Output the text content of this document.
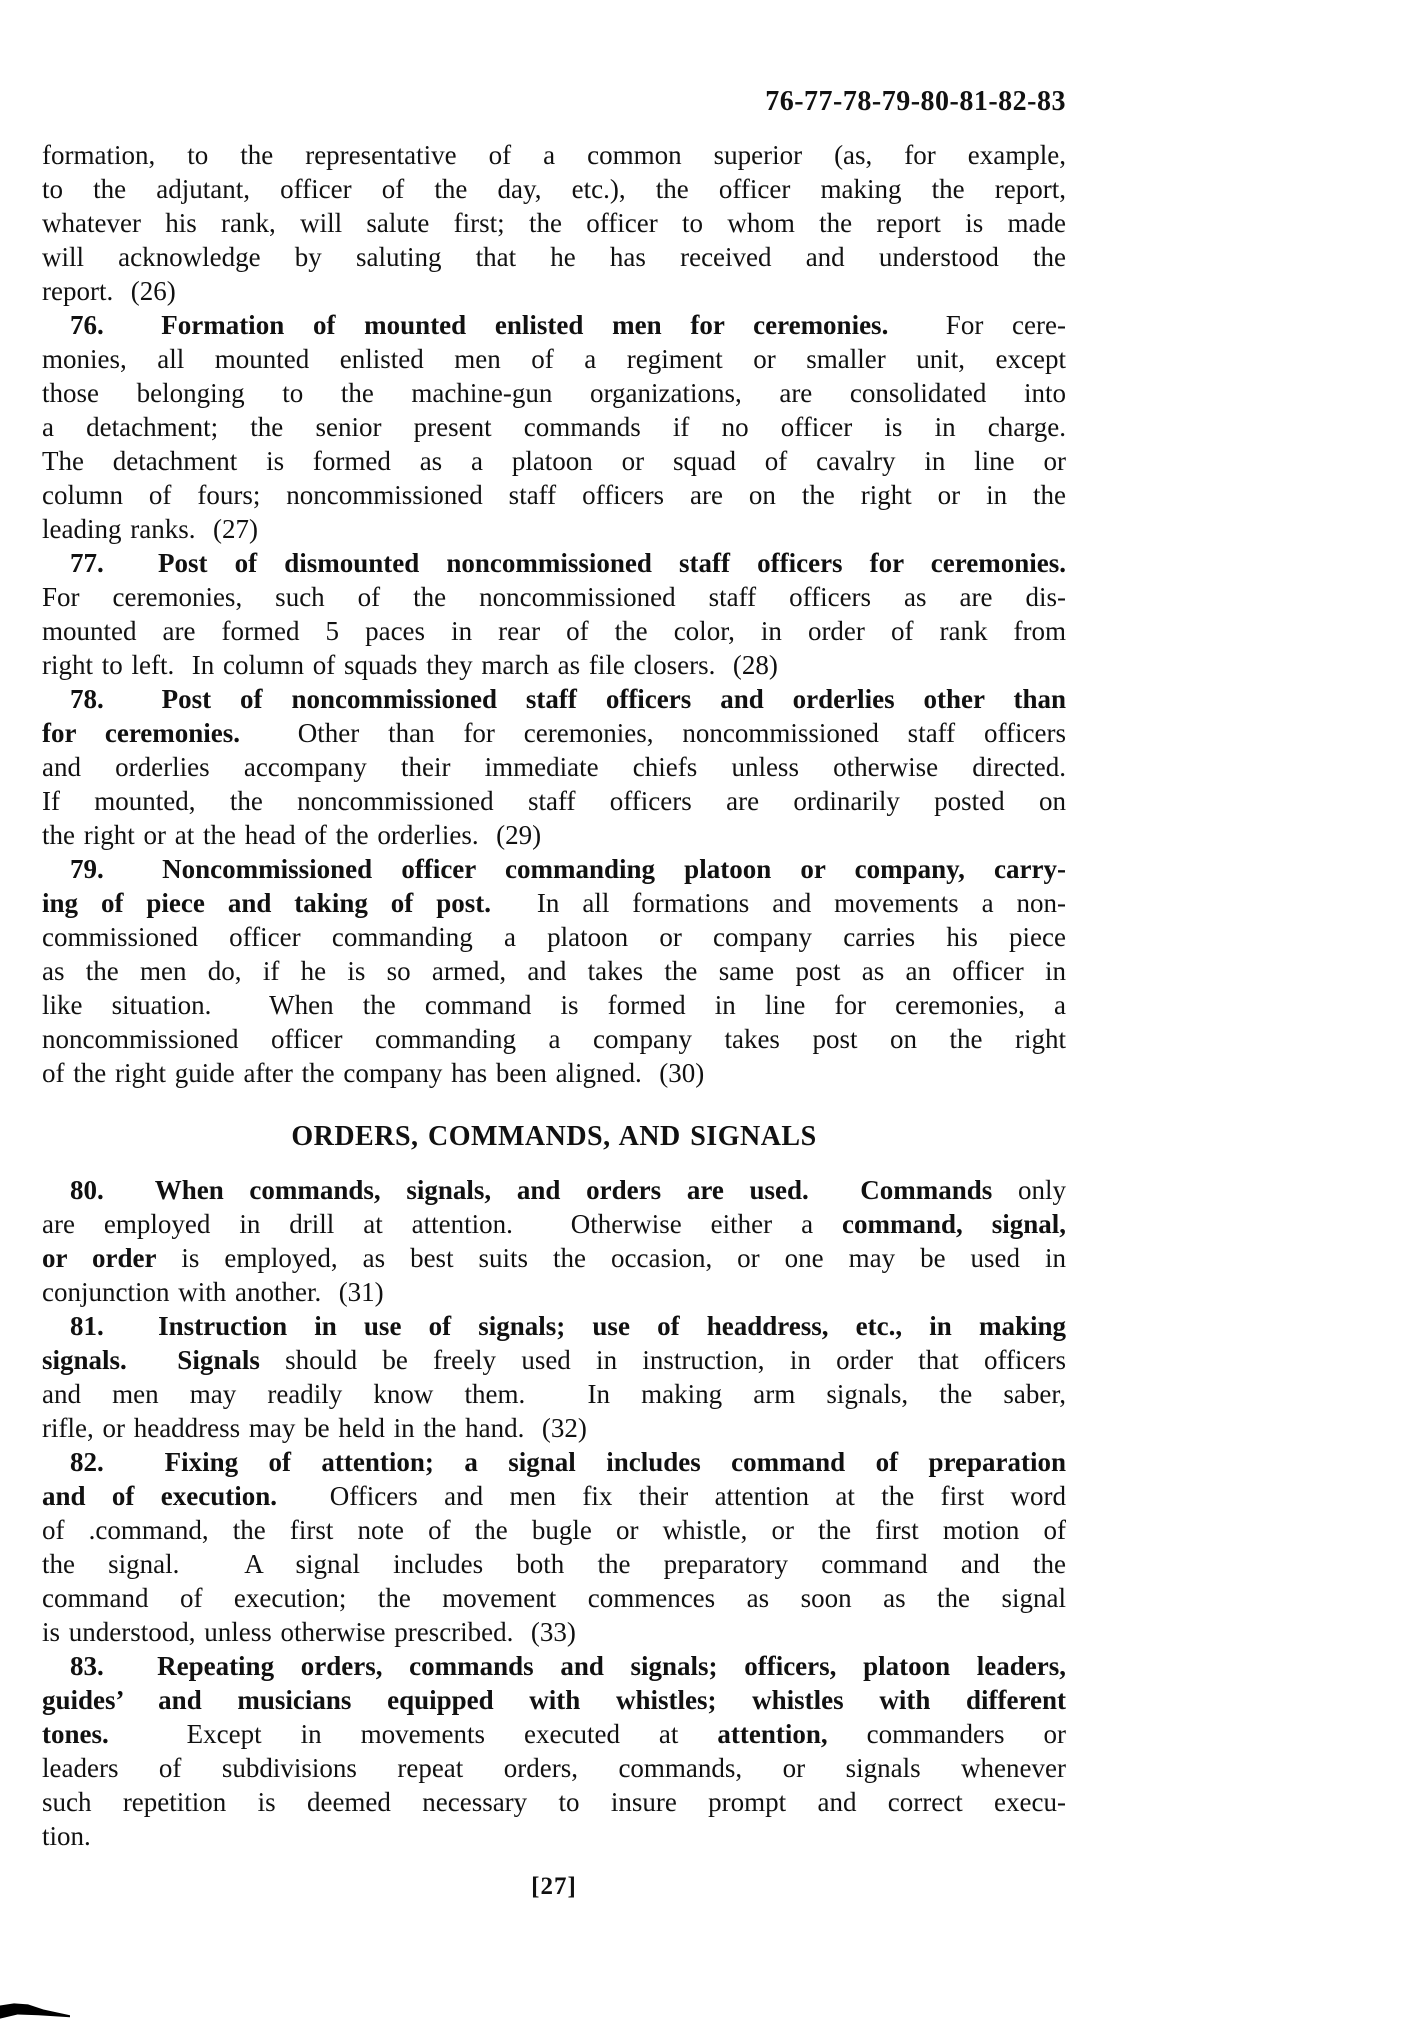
76-77-78-79-80-81-82-83
formation, to the representative of a common superior (as, for example,
to the adjutant, officer of the day, etc.), the officer making the report,
whatever his rank, will salute first; the officer to whom the report is made
will acknowledge by saluting that he has received and understood the
report.  (26)
76.  Formation of mounted enlisted men for ceremonies.  For cere-
monies, all mounted enlisted men of a regiment or smaller unit, except
those belonging to the machine-gun organizations, are consolidated into
a detachment; the senior present commands if no officer is in charge.
The detachment is formed as a platoon or squad of cavalry in line or
column of fours; noncommissioned staff officers are on the right or in the
leading ranks.  (27)
77.  Post of dismounted noncommissioned staff officers for ceremonies.
For ceremonies, such of the noncommissioned staff officers as are dis-
mounted are formed 5 paces in rear of the color, in order of rank from
right to left.  In column of squads they march as file closers.  (28)
78.  Post of noncommissioned staff officers and orderlies other than
for ceremonies.  Other than for ceremonies, noncommissioned staff officers
and orderlies accompany their immediate chiefs unless otherwise directed.
If mounted, the noncommissioned staff officers are ordinarily posted on
the right or at the head of the orderlies.  (29)
79.  Noncommissioned officer commanding platoon or company, carry-
ing of piece and taking of post.  In all formations and movements a non-
commissioned officer commanding a platoon or company carries his piece
as the men do, if he is so armed, and takes the same post as an officer in
like situation.  When the command is formed in line for ceremonies, a
noncommissioned officer commanding a company takes post on the right
of the right guide after the company has been aligned.  (30)
ORDERS, COMMANDS, AND SIGNALS
80.  When commands, signals, and orders are used. Commands only
are employed in drill at attention.  Otherwise either a command, signal,
or order is employed, as best suits the occasion, or one may be used in
conjunction with another.  (31)
81.  Instruction in use of signals; use of headdress, etc., in making
signals.  Signals should be freely used in instruction, in order that officers
and men may readily know them.  In making arm signals, the saber,
rifle, or headdress may be held in the hand.  (32)
82.  Fixing of attention; a signal includes command of preparation
and of execution.  Officers and men fix their attention at the first word
of .command, the first note of the bugle or whistle, or the first motion of
the signal.  A signal includes both the preparatory command and the
command of execution; the movement commences as soon as the signal
is understood, unless otherwise prescribed.  (33)
83.  Repeating orders, commands and signals; officers, platoon leaders,
guides’ and musicians equipped with whistles; whistles with different
tones.  Except in movements executed at attention, commanders or
leaders of subdivisions repeat orders, commands, or signals whenever
such repetition is deemed necessary to insure prompt and correct execu-
tion.
[27]
